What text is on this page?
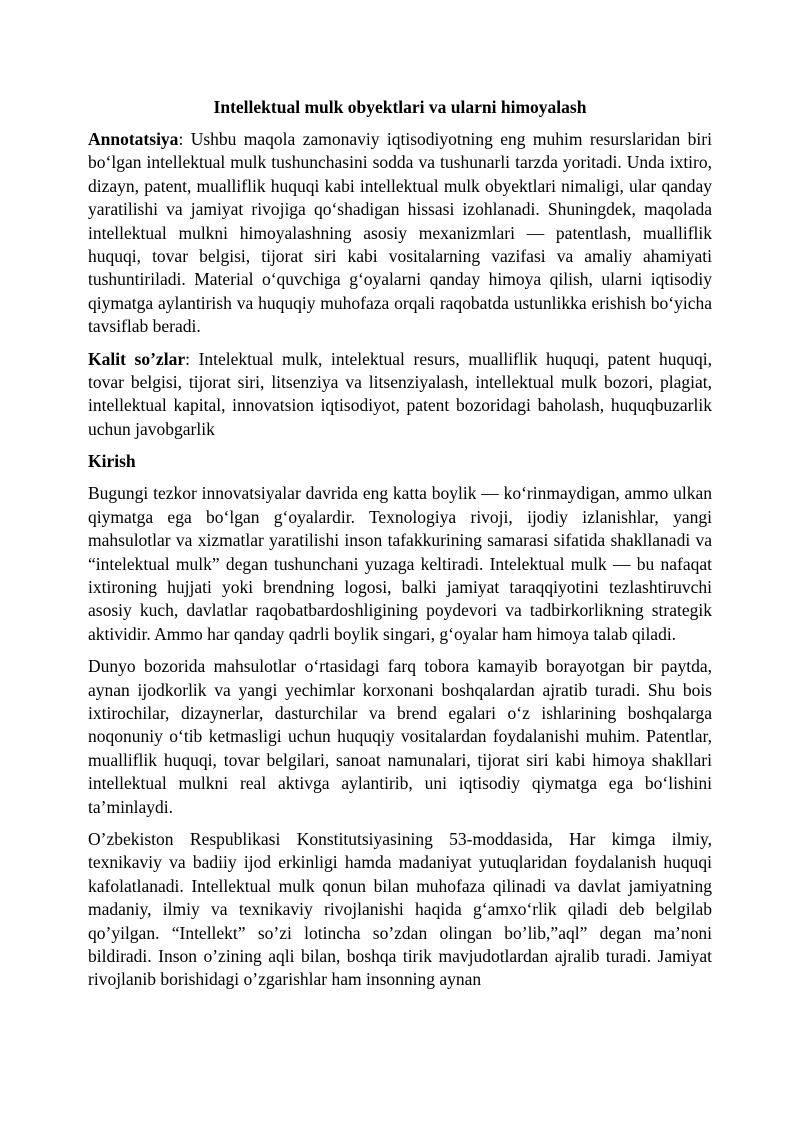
Intellektual mulk obyektlari va ularni himoyalash

Annotatsiya: Ushbu maqola zamonaviy iqtisodiyotning eng muhim resurslaridan biri bo‘lgan intellektual mulk tushunchasini sodda va tushunarli tarzda yoritadi. Unda ixtiro, dizayn, patent, mualliflik huquqi kabi intellektual mulk obyektlari nimaligi, ular qanday yaratilishi va jamiyat rivojiga qo‘shadigan hissasi izohlanadi. Shuningdek, maqolada intellektual mulkni himoyalashning asosiy mexanizmlari — patentlash, mualliflik huquqi, tovar belgisi, tijorat siri kabi vositalarning vazifasi va amaliy ahamiyati tushuntiriladi. Material o‘quvchiga g‘oyalarni qanday himoya qilish, ularni iqtisodiy qiymatga aylantirish va huquqiy muhofaza orqali raqobatda ustunlikka erishish bo‘yicha tavsiflab beradi.

Kalit so’zlar: Intelektual mulk, intelektual resurs, mualliflik huquqi, patent huquqi, tovar belgisi, tijorat siri, litsenziya va litsenziyalash, intellektual mulk bozori, plagiat, intellektual kapital, innovatsion iqtisodiyot, patent bozoridagi baholash, huquqbuzarlik uchun javobgarlik

Kirish

Bugungi tezkor innovatsiyalar davrida eng katta boylik — ko‘rinmaydigan, ammo ulkan qiymatga ega bo‘lgan g‘oyalardir. Texnologiya rivoji, ijodiy izlanishlar, yangi mahsulotlar va xizmatlar yaratilishi inson tafakkurining samarasi sifatida shakllanadi va “intelektual mulk” degan tushunchani yuzaga keltiradi. Intelektual mulk — bu nafaqat ixtironing hujjati yoki brendning logosi, balki jamiyat taraqqiyotini tezlashtiruvchi asosiy kuch, davlatlar raqobatbardoshligining poydevori va tadbirkorlikning strategik aktividir. Ammo har qanday qadrli boylik singari, g‘oyalar ham himoya talab qiladi.

Dunyo bozorida mahsulotlar o‘rtasidagi farq tobora kamayib borayotgan bir paytda, aynan ijodkorlik va yangi yechimlar korxonani boshqalardan ajratib turadi. Shu bois ixtirochilar, dizaynerlar, dasturchilar va brend egalari o‘z ishlarining boshqalarga noqonuniy o‘tib ketmasligi uchun huquqiy vositalardan foydalanishi muhim. Patentlar, mualliflik huquqi, tovar belgilari, sanoat namunalari, tijorat siri kabi himoya shakllari intellektual mulkni real aktivga aylantirib, uni iqtisodiy qiymatga ega bo‘lishini ta’minlaydi.

O’zbekiston Respublikasi Konstitutsiyasining 53-moddasida, Har kimga ilmiy, texnikaviy va badiiy ijod erkinligi hamda madaniyat yutuqlaridan foydalanish huquqi kafolatlanadi. Intellektual mulk qonun bilan muhofaza qilinadi va davlat jamiyatning madaniy, ilmiy va texnikaviy rivojlanishi haqida g‘amxo‘rlik qiladi deb belgilab qo’yilgan. “Intellekt” so’zi lotincha so’zdan olingan bo’lib,”aql” degan ma’noni bildiradi. Inson o’zining aqli bilan, boshqa tirik mavjudotlardan ajralib turadi. Jamiyat rivojlanib borishidagi o’zgarishlar ham insonning aynan
